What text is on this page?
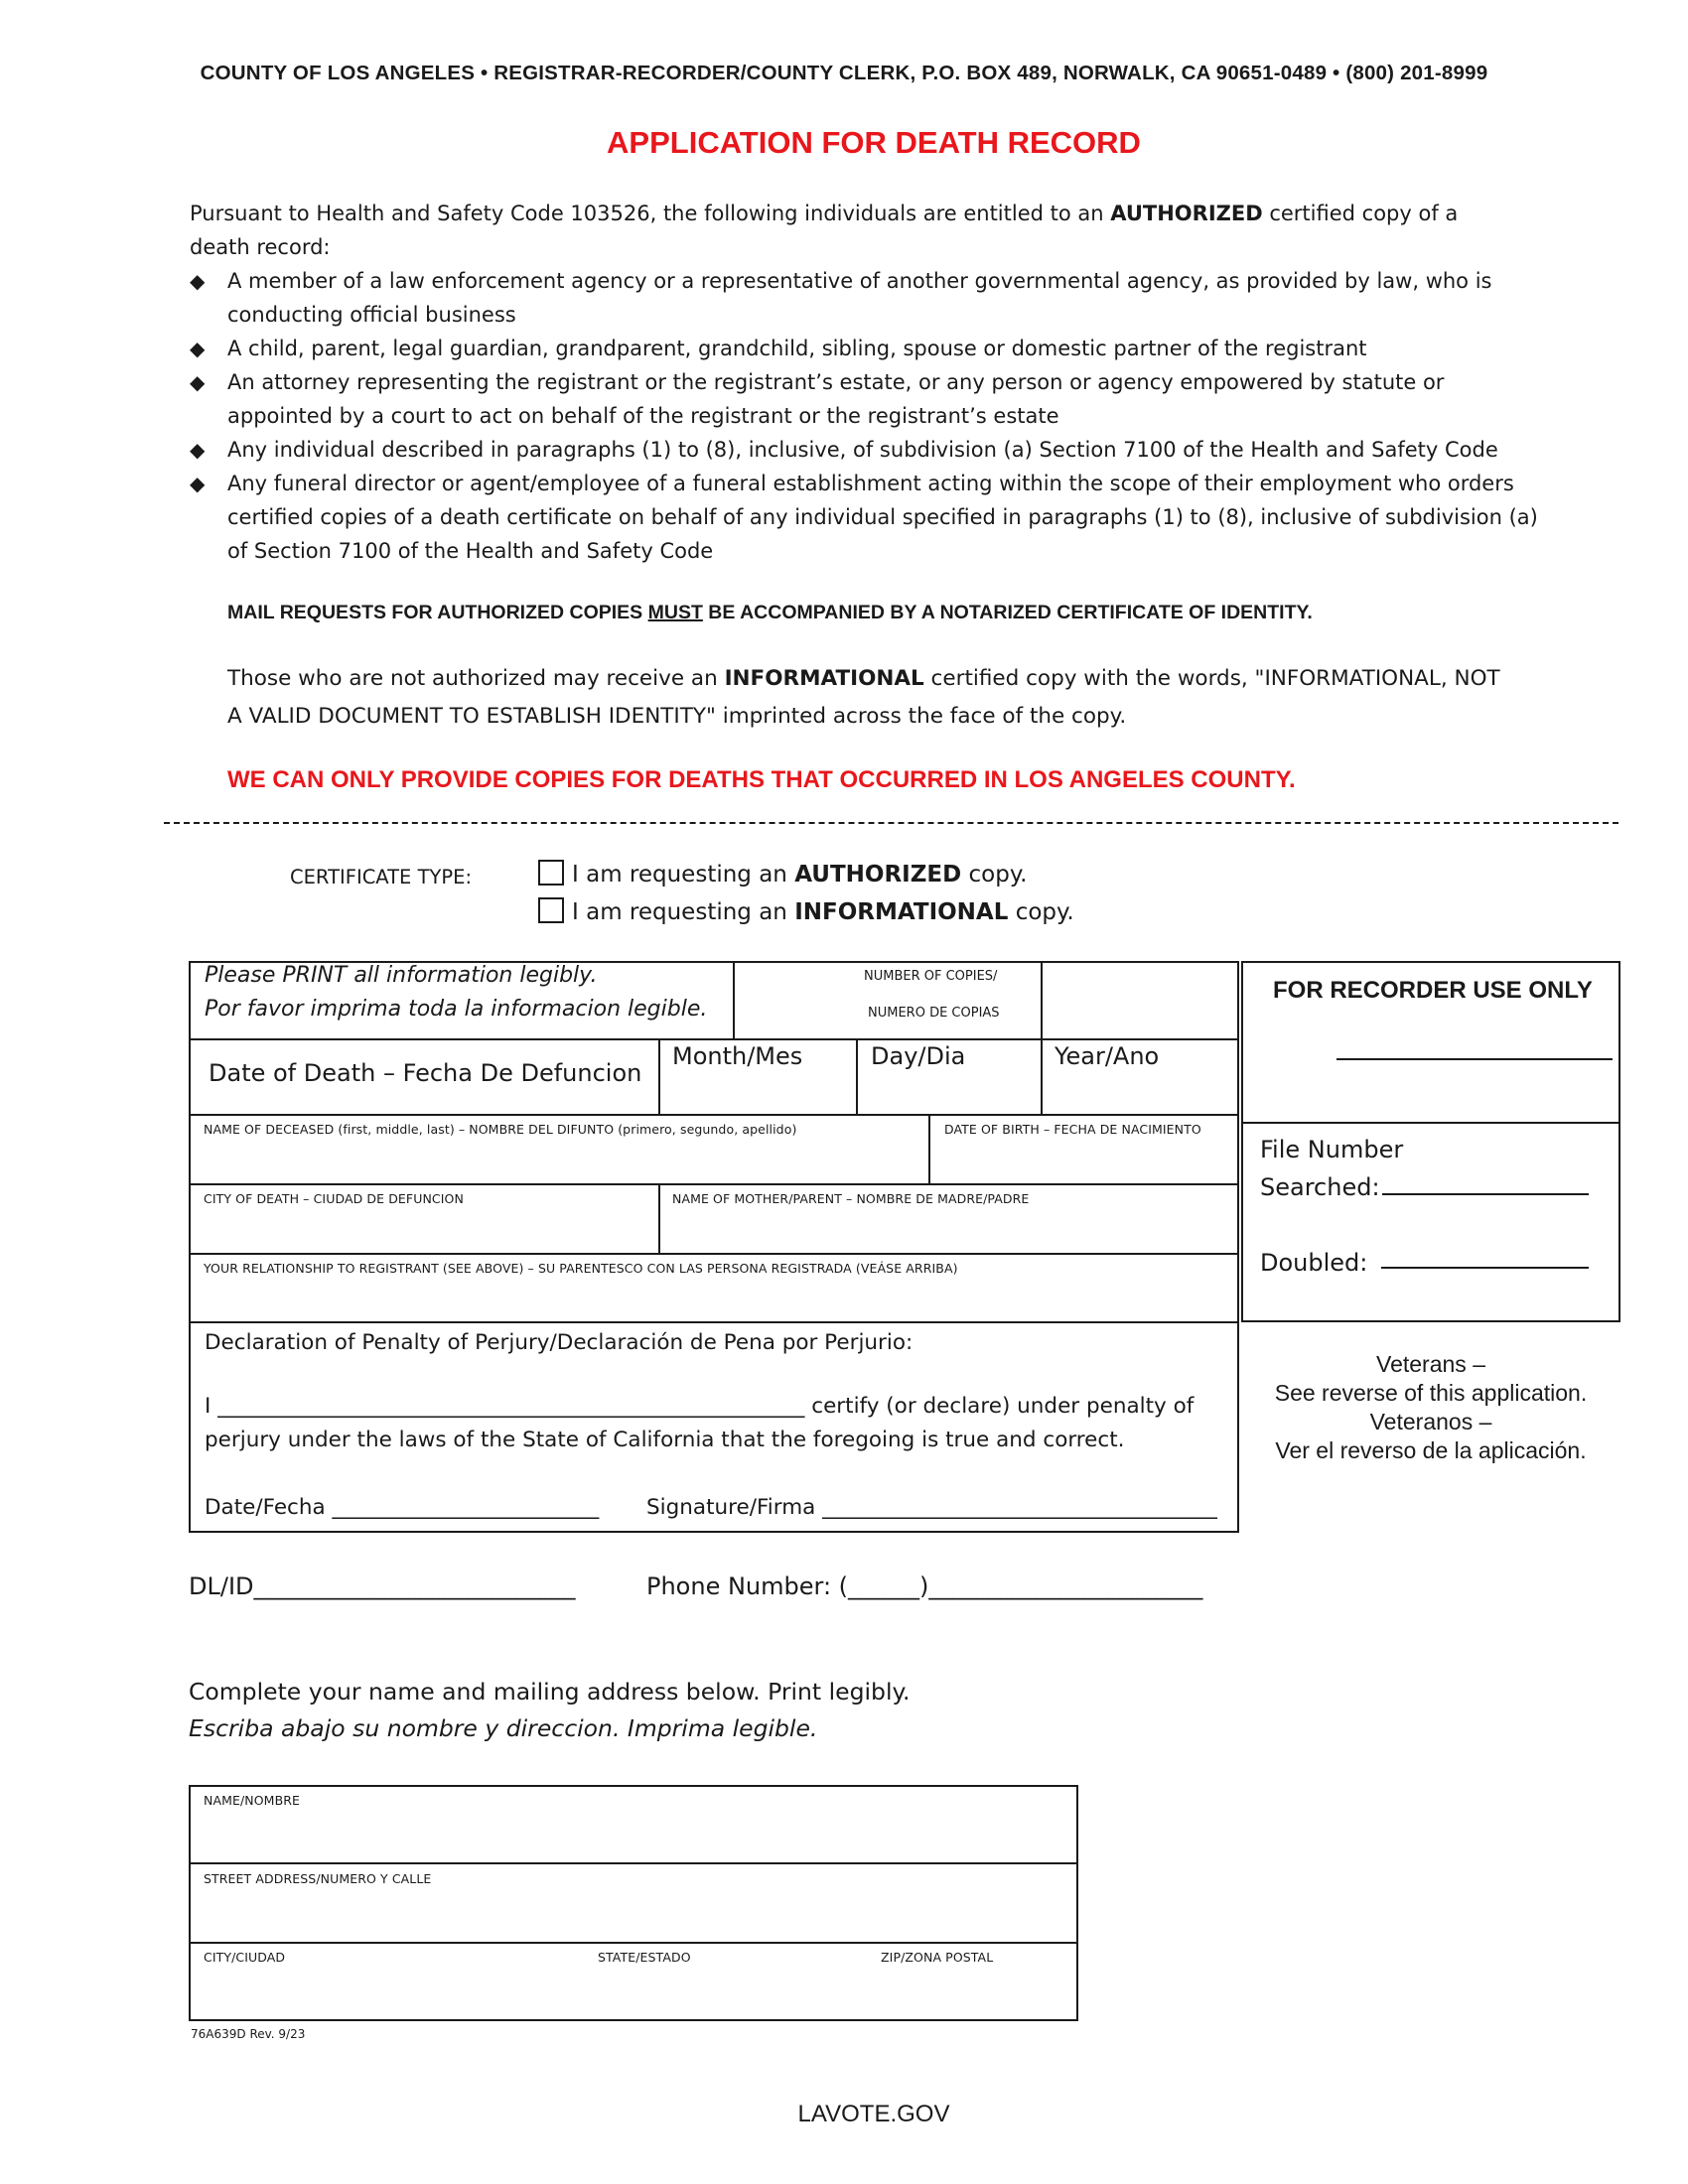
COUNTY OF LOS ANGELES • REGISTRAR-RECORDER/COUNTY CLERK, P.O. BOX 489, NORWALK, CA 90651-0489 • (800) 201-8999
APPLICATION FOR DEATH RECORD
Pursuant to Health and Safety Code 103526, the following individuals are entitled to an AUTHORIZED certified copy of a death record:
◆ A member of a law enforcement agency or a representative of another governmental agency, as provided by law, who is conducting official business
◆ A child, parent, legal guardian, grandparent, grandchild, sibling, spouse or domestic partner of the registrant
◆ An attorney representing the registrant or the registrant’s estate, or any person or agency empowered by statute or appointed by a court to act on behalf of the registrant or the registrant’s estate
◆ Any individual described in paragraphs (1) to (8), inclusive, of subdivision (a) Section 7100 of the Health and Safety Code
◆ Any funeral director or agent/employee of a funeral establishment acting within the scope of their employment who orders certified copies of a death certificate on behalf of any individual specified in paragraphs (1) to (8), inclusive of subdivision (a) of Section 7100 of the Health and Safety Code
MAIL REQUESTS FOR AUTHORIZED COPIES MUST BE ACCOMPANIED BY A NOTARIZED CERTIFICATE OF IDENTITY.
Those who are not authorized may receive an INFORMATIONAL certified copy with the words, "INFORMATIONAL, NOT A VALID DOCUMENT TO ESTABLISH IDENTITY" imprinted across the face of the copy.
WE CAN ONLY PROVIDE COPIES FOR DEATHS THAT OCCURRED IN LOS ANGELES COUNTY.
CERTIFICATE TYPE:	I am requesting an AUTHORIZED copy.
I am requesting an INFORMATIONAL copy.
Please PRINT all information legibly.
Por favor imprima toda la informacion legible.
NUMBER OF COPIES/
NUMERO DE COPIAS
Date of Death – Fecha De Defuncion
Month/Mes	Day/Dia	Year/Ano
NAME OF DECEASED (first, middle, last) – NOMBRE DEL DIFUNTO (primero, segundo, apellido)	DATE OF BIRTH – FECHA DE NACIMIENTO
CITY OF DEATH – CIUDAD DE DEFUNCION	NAME OF MOTHER/PARENT – NOMBRE DE MADRE/PADRE
YOUR RELATIONSHIP TO REGISTRANT (SEE ABOVE) – SU PARENTESCO CON LAS PERSONA REGISTRADA (VEÁSE ARRIBA)
Declaration of Penalty of Perjury/Declaración de Pena por Perjurio:
I _______________________________________________________ certify (or declare) under penalty of
perjury under the laws of the State of California that the foregoing is true and correct.
Date/Fecha _________________________ Signature/Firma _____________________________________
FOR RECORDER USE ONLY
File Number
Searched:
Doubled:
Veterans –
See reverse of this application.
Veteranos –
Ver el reverso de la aplicación.
DL/ID___________________________	Phone Number: (______)_______________________
Complete your name and mailing address below. Print legibly.
Escriba abajo su nombre y direccion. Imprima legible.
NAME/NOMBRE
STREET ADDRESS/NUMERO Y CALLE
CITY/CIUDAD	STATE/ESTADO	ZIP/ZONA POSTAL
76A639D Rev. 9/23
LAVOTE.GOV
